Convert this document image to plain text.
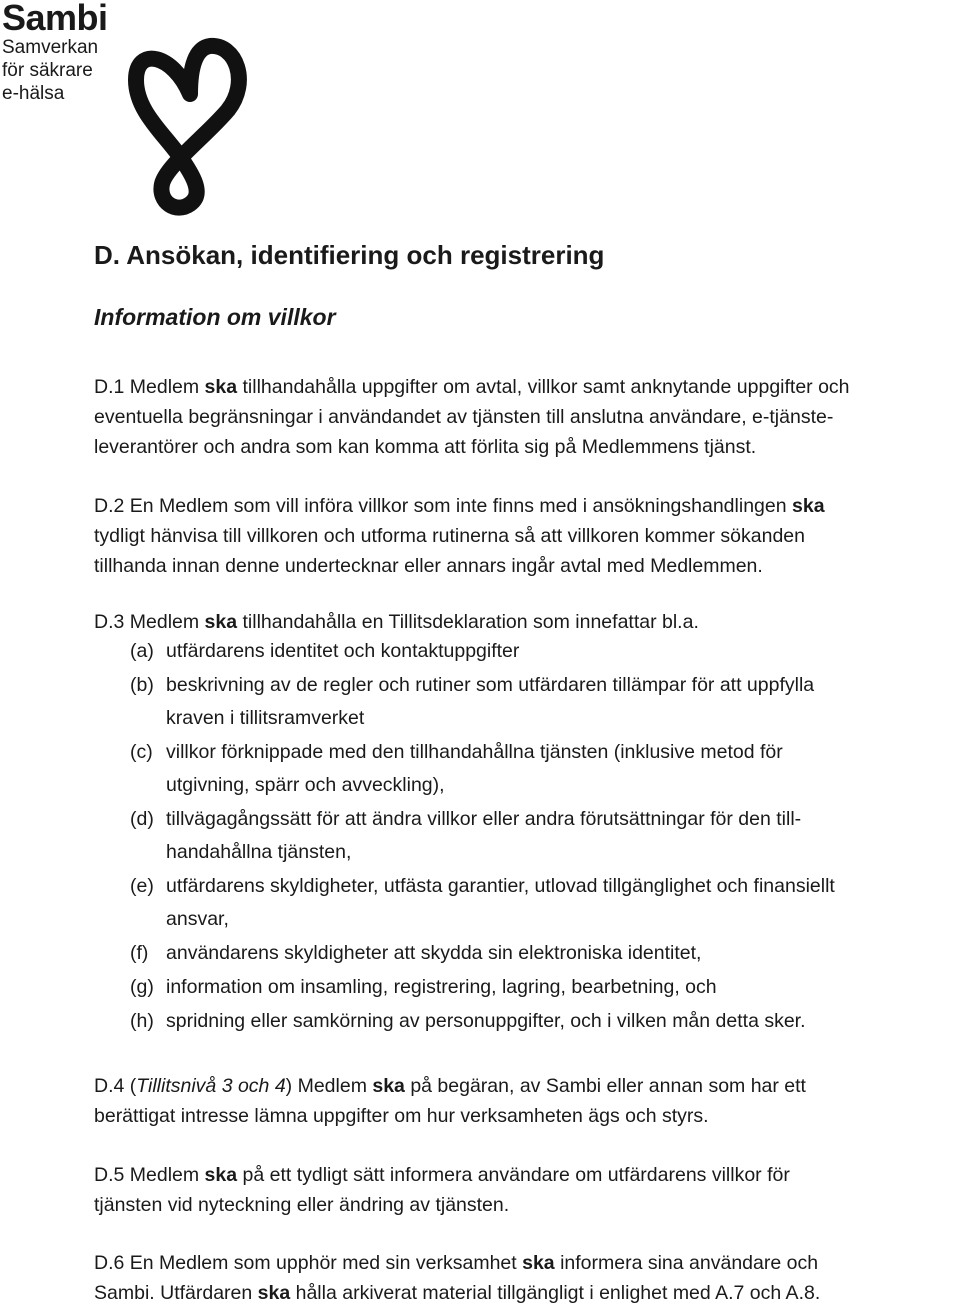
Sambi
Samverkan
för säkrare
e-hälsa
D. Ansökan, identifiering och registrering
Information om villkor
D.1 Medlem ska tillhandahålla uppgifter om avtal, villkor samt anknytande uppgifter och
eventuella begränsningar i användandet av tjänsten till anslutna användare, e-tjänste-
leverantörer och andra som kan komma att förlita sig på Medlemmens tjänst.
D.2 En Medlem som vill införa villkor som inte finns med i ansökningshandlingen ska
tydligt hänvisa till villkoren och utforma rutinerna så att villkoren kommer sökanden
tillhanda innan denne undertecknar eller annars ingår avtal med Medlemmen.
D.3 Medlem ska tillhandahålla en Tillitsdeklaration som innefattar bl.a.
(a) utfärdarens identitet och kontaktuppgifter
(b) beskrivning av de regler och rutiner som utfärdaren tillämpar för att uppfylla
kraven i tillitsramverket
(c) villkor förknippade med den tillhandahållna tjänsten (inklusive metod för
utgivning, spärr och avveckling),
(d) tillvägagångssätt för att ändra villkor eller andra förutsättningar för den till-
handahållna tjänsten,
(e) utfärdarens skyldigheter, utfästa garantier, utlovad tillgänglighet och finansiellt
ansvar,
(f) användarens skyldigheter att skydda sin elektroniska identitet,
(g) information om insamling, registrering, lagring, bearbetning, och
(h) spridning eller samkörning av personuppgifter, och i vilken mån detta sker.
D.4 (Tillitsnivå 3 och 4) Medlem ska på begäran, av Sambi eller annan som har ett
berättigat intresse lämna uppgifter om hur verksamheten ägs och styrs.
D.5 Medlem ska på ett tydligt sätt informera användare om utfärdarens villkor för
tjänsten vid nyteckning eller ändring av tjänsten.
D.6 En Medlem som upphör med sin verksamhet ska informera sina användare och
Sambi. Utfärdaren ska hålla arkiverat material tillgängligt i enlighet med A.7 och A.8.
